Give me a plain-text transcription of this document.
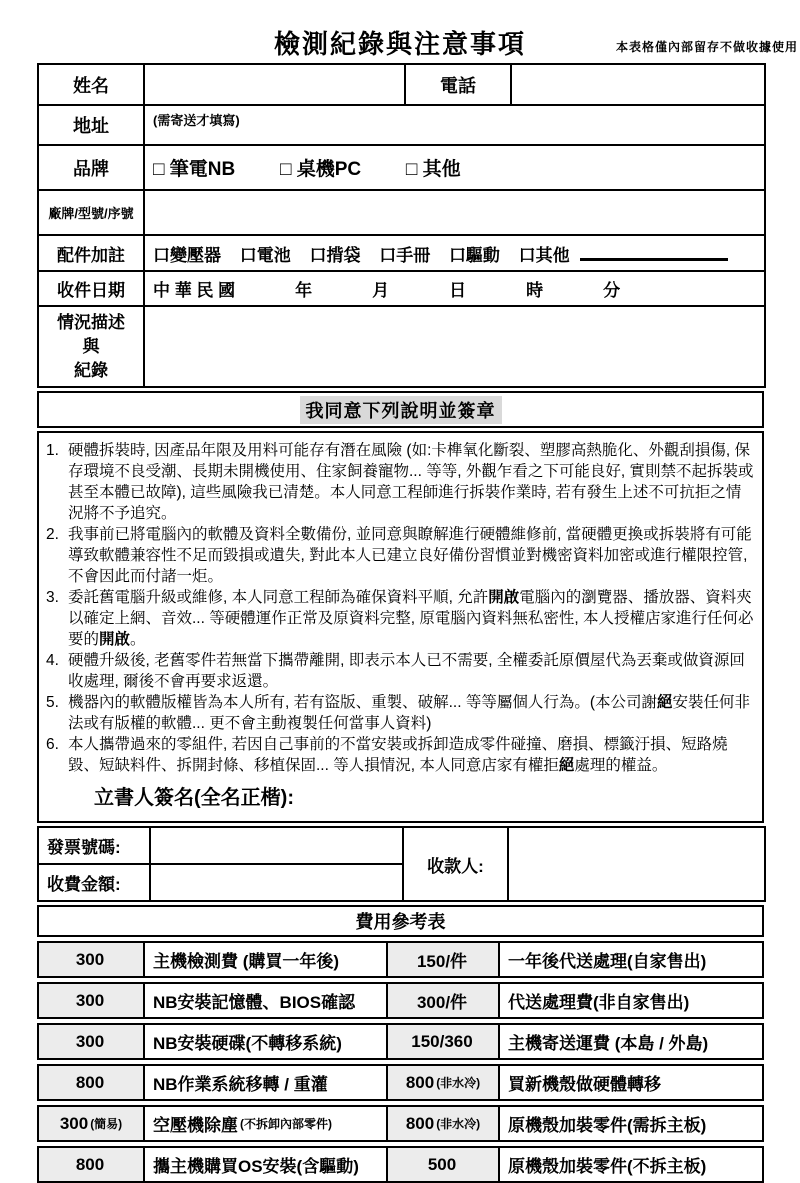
檢測紀錄與注意事項	本表格僅內部留存不做收據使用
姓名		電話	
地址	(需寄送才填寫)		
品牌	□ 筆電NB □ 桌機PC □ 其他		
廠牌/型號/序號			
配件加註	口變壓器 口電池 口揹袋 口手冊 口驅動 口其他		
收件日期	中 華 民 國 年 月 日 時 分		

情況描述
與
紀錄			

我同意下列說明並簽章
1. 硬體拆裝時, 因產品年限及用料可能存有潛在風險 (如:卡榫氧化斷裂、塑膠高熱脆化、外觀刮損傷, 保存環境不良受潮、長期未開機使用、住家飼養寵物... 等等, 外觀乍看之下可能良好, 實則禁不起拆裝或甚至本體已故障), 這些風險我已清楚。本人同意工程師進行拆裝作業時, 若有發生上述不可抗拒之情況將不予追究。
2. 我事前已將電腦內的軟體及資料全數備份, 並同意與瞭解進行硬體維修前, 當硬體更換或拆裝將有可能導致軟體兼容性不足而毀損或遺失, 對此本人已建立良好備份習慣並對機密資料加密或進行權限控管, 不會因此而付諸一炬。
3. 委託舊電腦升級或維修, 本人同意工程師為確保資料平順, 允許開啟電腦內的瀏覽器、播放器、資料夾以確定上網、音效... 等硬體運作正常及原資料完整, 原電腦內資料無私密性, 本人授權店家進行任何必要的開啟。
4. 硬體升級後, 老舊零件若無當下攜帶離開, 即表示本人已不需要, 全權委託原價屋代為丟棄或做資源回收處理, 爾後不會再要求返還。
5. 機器內的軟體版權皆為本人所有, 若有盜版、重製、破解... 等等屬個人行為。(本公司謝絕安裝任何非法或有版權的軟體... 更不會主動複製任何當事人資料)
6. 本人攜帶過來的零組件, 若因自己事前的不當安裝或拆卸造成零件碰撞、磨損、標籤汙損、短路燒毀、短缺料件、拆開封條、移植保固... 等人損情況, 本人同意店家有權拒絕處理的權益。
立書人簽名(全名正楷):
發票號碼:		收款人:	
收費金額:			
費用參考表
300	主機檢測費 (購買一年後)	150/件 一年後代送處理(自家售出)
300	NB安裝記憶體、BIOS確認	300/件 代送處理費(非自家售出)
300	NB安裝硬碟(不轉移系統)	150/360 主機寄送運費 (本島 / 外島)
800	NB作業系統移轉 / 重灌	800 (非水冷) 買新機殼做硬體轉移
300 (簡易) 空壓機除塵 (不拆卸內部零件)	800 (非水冷) 原機殼加裝零件(需拆主板)
800	攜主機購買OS安裝(含驅動)	500	原機殼加裝零件(不拆主板)
